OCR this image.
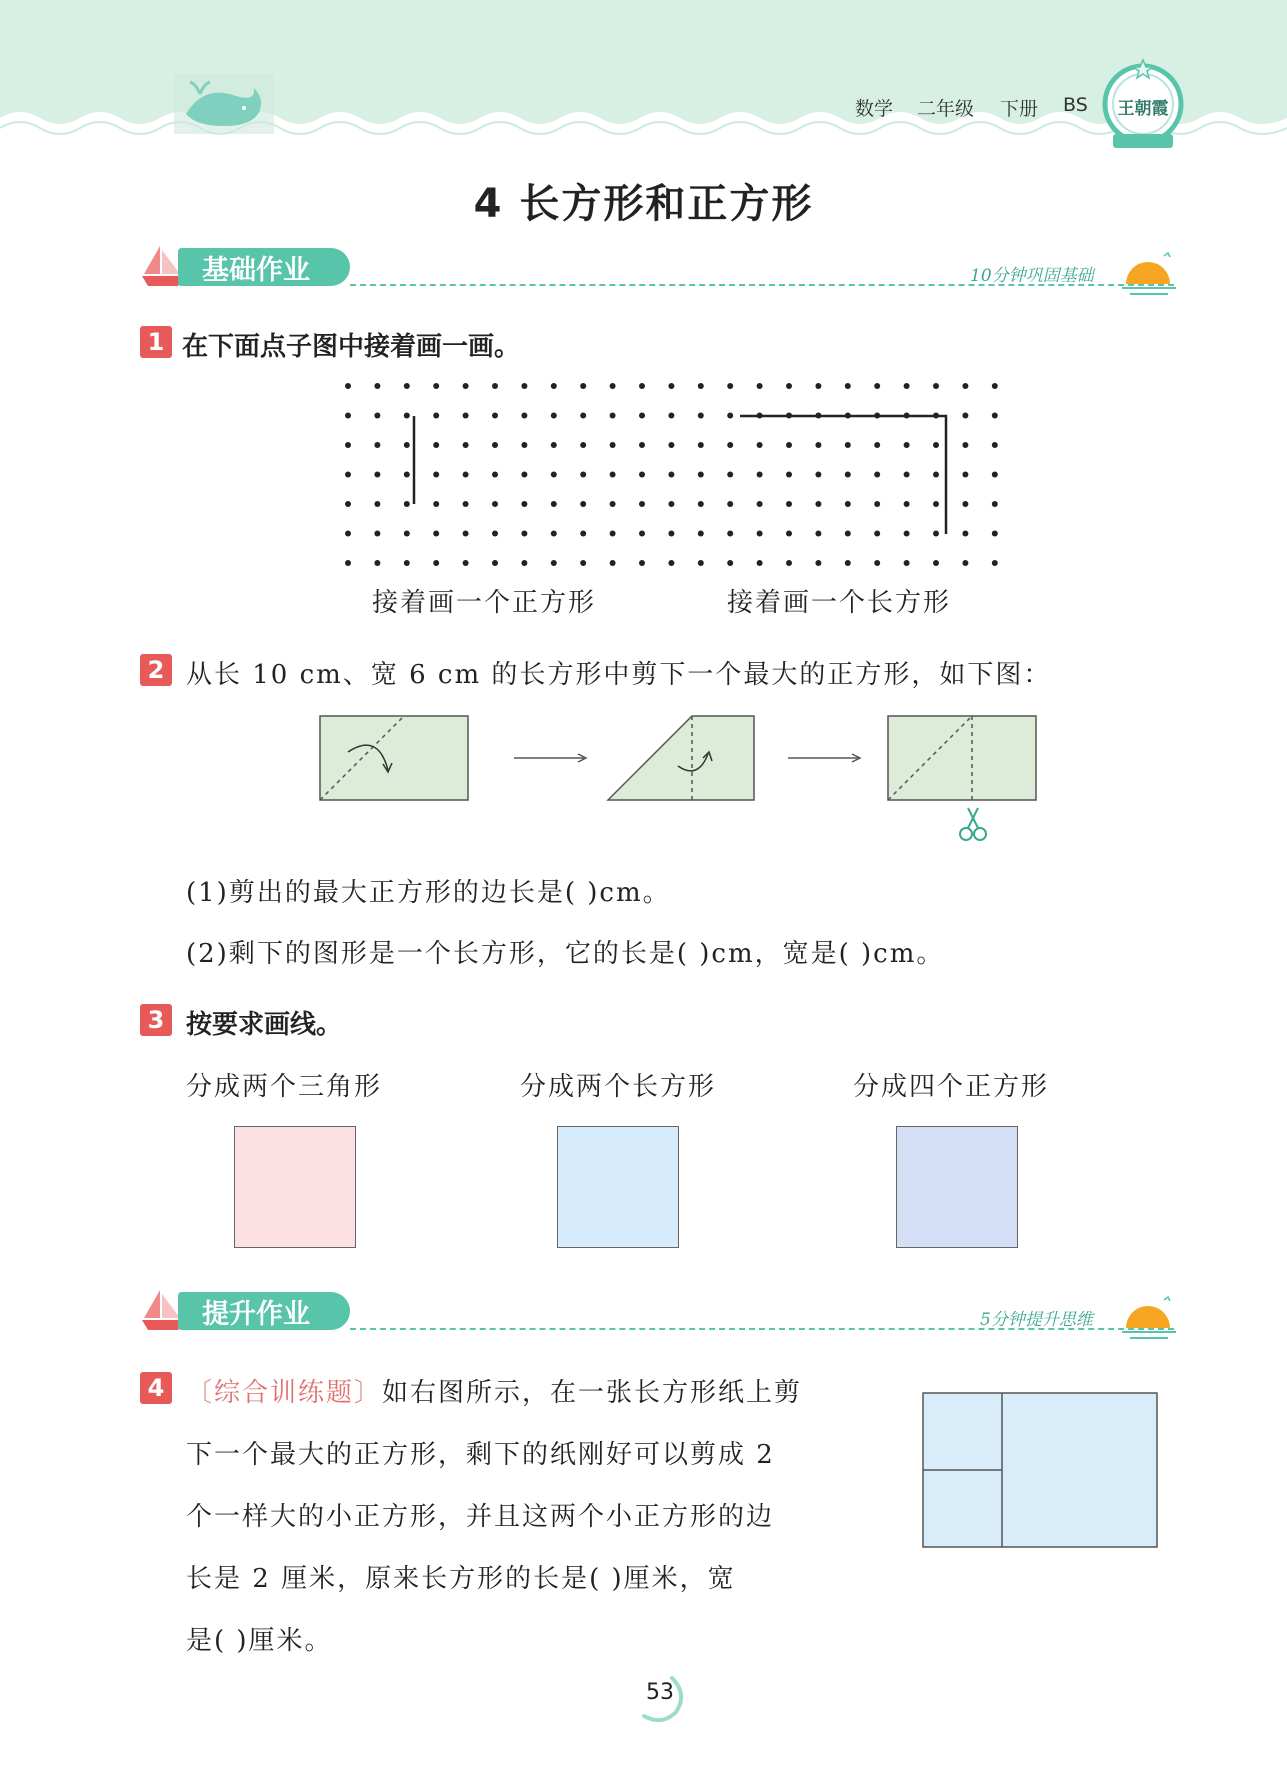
数学 二年级 下册 BS 王朝霞
4 长方形和正方形
基础作业	10分钟巩固基础
1 在下面点子图中接着画一画。
接着画一个正方形	接着画一个长方形
2 从长 10 cm、宽 6 cm 的长方形中剪下一个最大的正方形，如下图：
(1)剪出的最大正方形的边长是( )cm。
(2)剩下的图形是一个长方形，它的长是( )cm，宽是( )cm。
3 按要求画线。
分成两个三角形	分成两个长方形	分成四个正方形
提升作业	5分钟提升思维
4 〔综合训练题〕如右图所示，在一张长方形纸上剪
下一个最大的正方形，剩下的纸刚好可以剪成 2
个一样大的小正方形，并且这两个小正方形的边
长是 2 厘米，原来长方形的长是( )厘米，宽
是( )厘米。
53
